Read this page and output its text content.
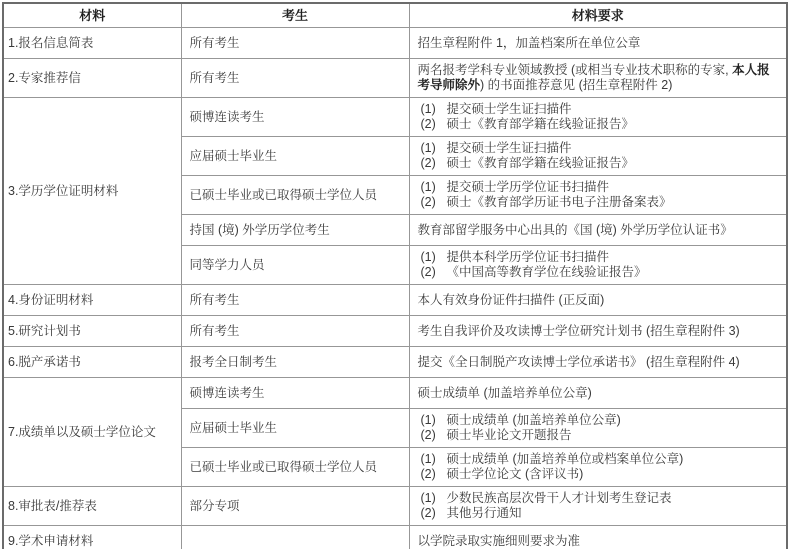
材料	考生	材料要求

1.报名信息简表	所有考生	招生章程附件 1，加盖档案所在单位公章

2.专家推荐信	所有考生	两名报考学科专业领域教授 (或相当专业技术职称的专家, 本人报考导师除外) 的书面推荐意见 (招生章程附件 2)

3.学历学位证明材料	硕博连读考生	(1) 提交硕士学生证扫描件
(2) 硕士《教育部学籍在线验证报告》

	应届硕士毕业生	(1) 提交硕士学生证扫描件
(2) 硕士《教育部学籍在线验证报告》

	已硕士毕业或已取得硕士学位人员	(1) 提交硕士学历学位证书扫描件
(2) 硕士《教育部学历证书电子注册备案表》

	持国 (境) 外学历学位考生	教育部留学服务中心出具的《国 (境) 外学历学位认证书》

	同等学力人员	(1) 提供本科学历学位证书扫描件
(2) 《中国高等教育学位在线验证报告》

4.身份证明材料	所有考生	本人有效身份证件扫描件 (正反面)

5.研究计划书	所有考生	考生自我评价及攻读博士学位研究计划书 (招生章程附件 3)

6.脱产承诺书	报考全日制考生	提交《全日制脱产攻读博士学位承诺书》 (招生章程附件 4)

7.成绩单以及硕士学位论文	硕博连读考生	硕士成绩单 (加盖培养单位公章)

	应届硕士毕业生	(1) 硕士成绩单 (加盖培养单位公章)
(2) 硕士毕业论文开题报告

	已硕士毕业或已取得硕士学位人员	(1) 硕士成绩单 (加盖培养单位或档案单位公章)
(2) 硕士学位论文 (含评议书)

8.审批表/推荐表	部分专项	(1) 少数民族高层次骨干人才计划考生登记表
(2) 其他另行通知

9.学术申请材料		以学院录取实施细则要求为准
